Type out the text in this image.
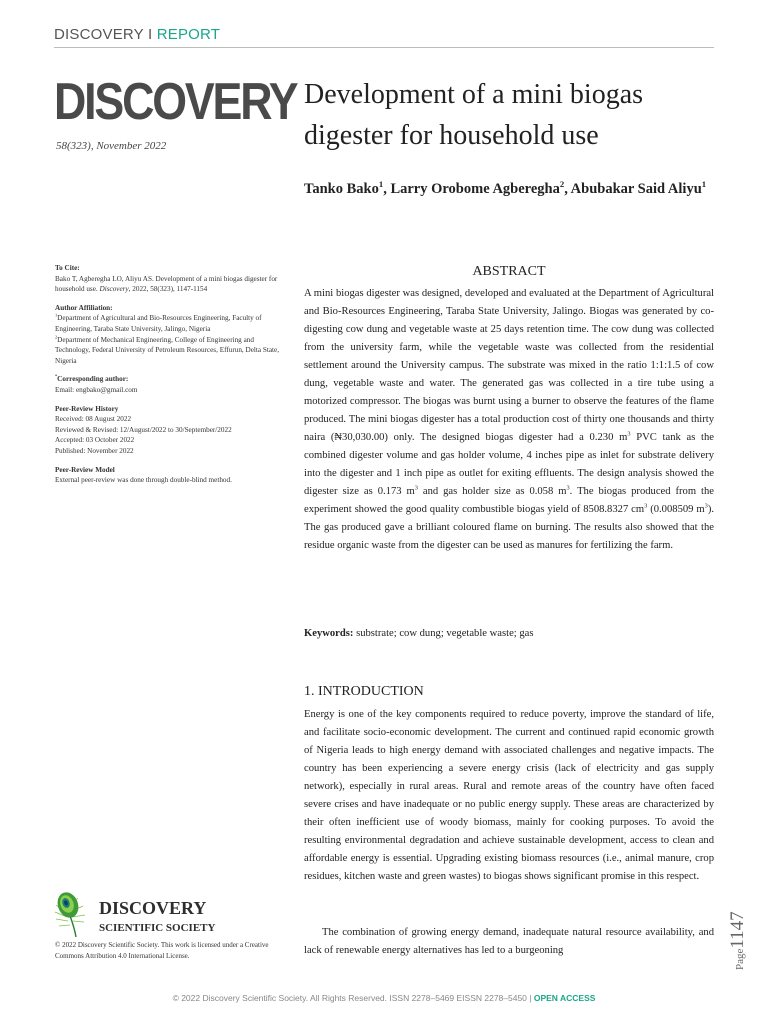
DISCOVERY I REPORT
DISCOVERY
58(323), November 2022
Development of a mini biogas digester for household use
Tanko Bako$^1$, Larry Orobome Agberegha$^2$, Abubakar Said Aliyu$^1$
To Cite:
Bako T, Agberegha LO, Aliyu AS. Development of a mini biogas digester for household use. Discovery, 2022, 58(323), 1147-1154
Author Affiliation:
$^1$Department of Agricultural and Bio-Resources Engineering, Faculty of Engineering, Taraba State University, Jalingo, Nigeria
$^2$Department of Mechanical Engineering, College of Engineering and Technology, Federal University of Petroleum Resources, Effurun, Delta State, Nigeria
*Corresponding author:
Email: engbako@gmail.com
Peer-Review History
Received: 08 August 2022
Reviewed & Revised: 12/August/2022 to 30/September/2022
Accepted: 03 October 2022
Published: November 2022
Peer-Review Model
External peer-review was done through double-blind method.
ABSTRACT

A mini biogas digester was designed, developed and evaluated at the Department of Agricultural and Bio-Resources Engineering, Taraba State University, Jalingo. Biogas was generated by co-digesting cow dung and vegetable waste at 25 days retention time. The cow dung was collected from the university farm, while the vegetable waste was collected from the residential settlement around the University campus. The substrate was mixed in the ratio 1:1:1.5 of cow dung, vegetable waste and water. The generated gas was collected in a tire tube using a motorized compressor. The biogas was burnt using a burner to observe the features of the flame produced. The mini biogas digester has a total production cost of thirty one thousands and thirty naira (₦30,030.00) only. The designed biogas digester had a 0.230 $m^3$ PVC tank as the combined digester volume and gas holder volume, 4 inches pipe as inlet for substrate delivery into the digester and 1 inch pipe as outlet for exiting effluents. The design analysis showed the digester size as 0.173 $m^3$ and gas holder size as 0.058 $m^3$. The biogas produced from the experiment showed the good quality combustible biogas yield of 8508.8327 $cm^3$ (0.008509 $m^3$). The gas produced gave a brilliant coloured flame on burning. The results also showed that the residue organic waste from the digester can be used as manures for fertilizing the farm.

Keywords: substrate; cow dung; vegetable waste; gas
1. INTRODUCTION

Energy is one of the key components required to reduce poverty, improve the standard of life, and facilitate socio-economic development. The current and continued rapid economic growth of Nigeria leads to high energy demand with associated challenges and negative impacts. The country has been experiencing a severe energy crisis (lack of electricity and gas supply network), especially in rural areas. Rural and remote areas of the country have often faced severe crises and have inadequate or no public energy supply. These areas are characterized by their often inefficient use of woody biomass, mainly for cooking purposes. To avoid the resulting environmental degradation and achieve sustainable development, access to clean and affordable energy is essential. Upgrading existing biomass resources (i.e., animal manure, crop residues, kitchen waste and green wastes) to biogas shows significant promise in this respect.

The combination of growing energy demand, inadequate natural resource availability, and lack of renewable energy alternatives has led to a burgeoning

DISCOVERY
SCIENTIFIC SOCIETY
© 2022 Discovery Scientific Society. This work is licensed under a Creative Commons Attribution 4.0 International License.	Page1147
© 2022 Discovery Scientific Society. All Rights Reserved. ISSN 2278–5469 EISSN 2278–5450 | OPEN ACCESS
